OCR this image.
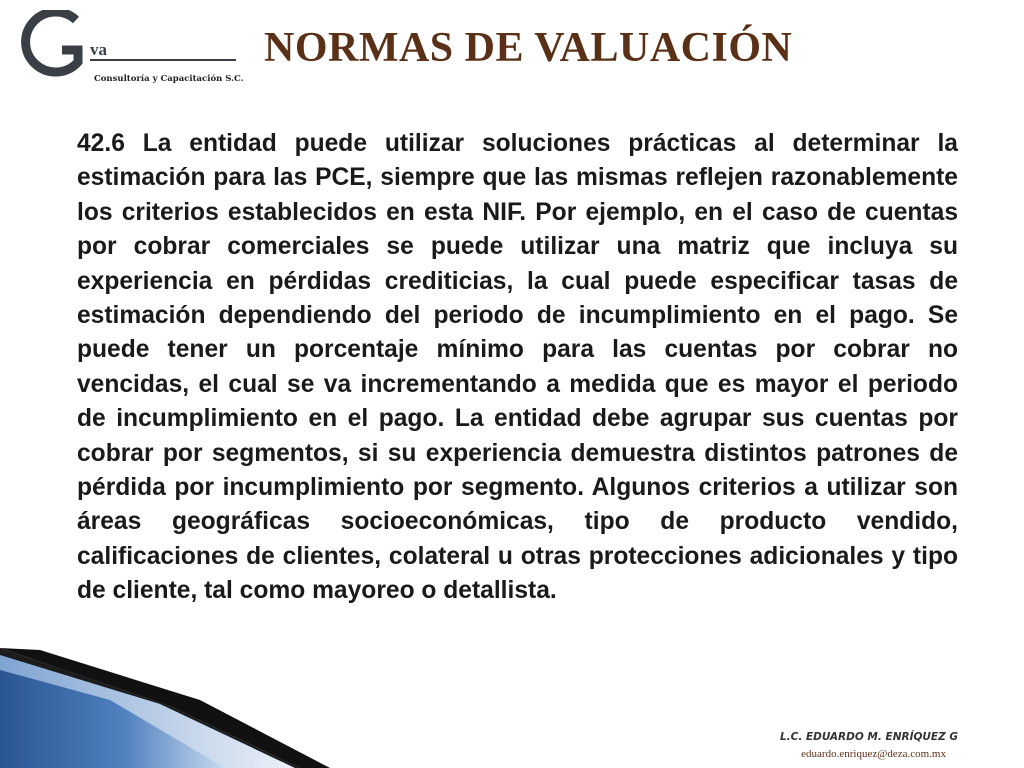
va
Consultoría y Capacitación S.C.
NORMAS DE VALUACIÓN

42.6 La entidad puede utilizar soluciones prácticas al determinar la estimación para las PCE, siempre que las mismas reflejen razonablemente los criterios establecidos en esta NIF. Por ejemplo, en el caso de cuentas por cobrar comerciales se puede utilizar una matriz que incluya su experiencia en pérdidas crediticias, la cual puede especificar tasas de estimación dependiendo del periodo de incumplimiento en el pago. Se puede tener un porcentaje mínimo para las cuentas por cobrar no vencidas, el cual se va incrementando a medida que es mayor el periodo de incumplimiento en el pago. La entidad debe agrupar sus cuentas por cobrar por segmentos, si su experiencia demuestra distintos patrones de pérdida por incumplimiento por segmento. Algunos criterios a utilizar son áreas geográficas socioeconómicas, tipo de producto vendido, calificaciones de clientes, colateral u otras protecciones adicionales y tipo de cliente, tal como mayoreo o detallista.

L.C. EDUARDO M. ENRÍQUEZ G
eduardo.enriquez@deza.com.mx
